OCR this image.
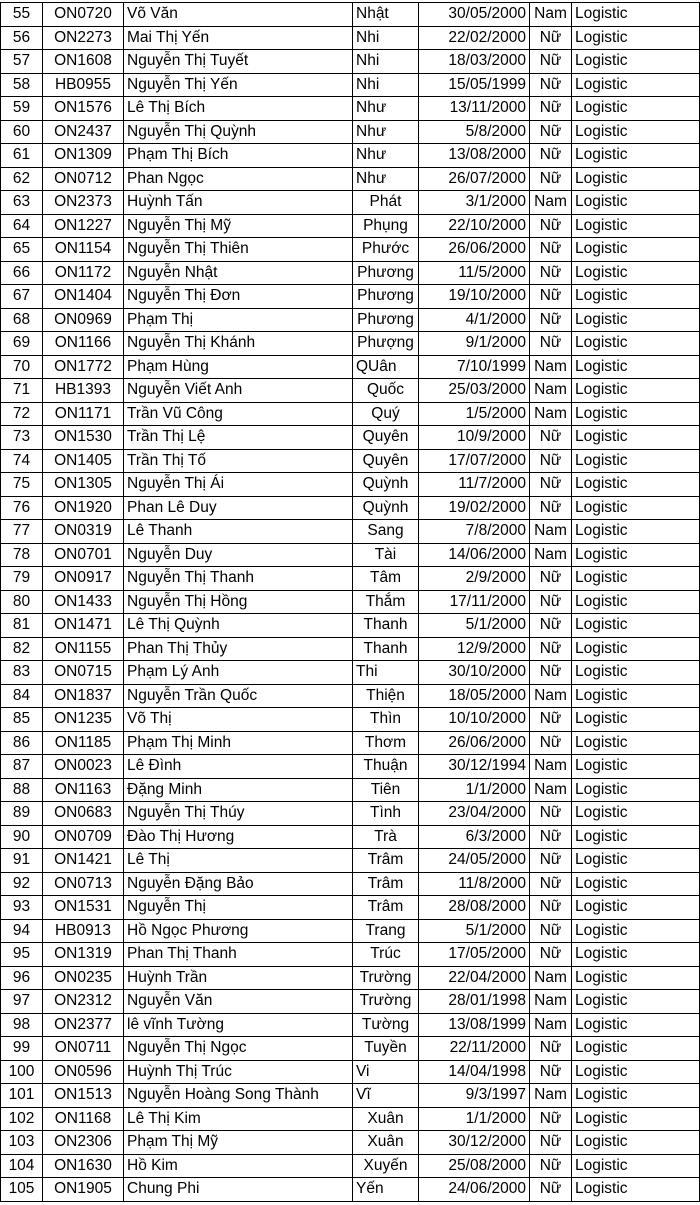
55	ON0720	Võ Văn	Nhật	30/05/2000	Nam	Logistic
56	ON2273	Mai Thị Yến	Nhi	22/02/2000	Nữ	Logistic
57	ON1608	Nguyễn Thị Tuyết	Nhi	18/03/2000	Nữ	Logistic
58	HB0955	Nguyễn Thị Yến	Nhi	15/05/1999	Nữ	Logistic
59	ON1576	Lê Thị Bích	Như	13/11/2000	Nữ	Logistic
60	ON2437	Nguyễn Thị Quỳnh	Như	5/8/2000	Nữ	Logistic
61	ON1309	Phạm Thị Bích	Như	13/08/2000	Nữ	Logistic
62	ON0712	Phan Ngọc	Như	26/07/2000	Nữ	Logistic
63	ON2373	Huỳnh Tấn	Phát	3/1/2000	Nam	Logistic
64	ON1227	Nguyễn Thị Mỹ	Phụng	22/10/2000	Nữ	Logistic
65	ON1154	Nguyễn Thị Thiên	Phước	26/06/2000	Nữ	Logistic
66	ON1172	Nguyễn Nhật	Phương	11/5/2000	Nữ	Logistic
67	ON1404	Nguyễn Thị Đơn	Phương	19/10/2000	Nữ	Logistic
68	ON0969	Phạm Thị	Phương	4/1/2000	Nữ	Logistic
69	ON1166	Nguyễn Thị Khánh	Phượng	9/1/2000	Nữ	Logistic
70	ON1772	Phạm Hùng	QUân	7/10/1999	Nam	Logistic
71	HB1393	Nguyễn Viết Anh	Quốc	25/03/2000	Nam	Logistic
72	ON1171	Trần Vũ Công	Quý	1/5/2000	Nam	Logistic
73	ON1530	Trần Thị Lệ	Quyên	10/9/2000	Nữ	Logistic
74	ON1405	Trần Thị Tố	Quyên	17/07/2000	Nữ	Logistic
75	ON1305	Nguyễn Thị Ái	Quỳnh	11/7/2000	Nữ	Logistic
76	ON1920	Phan Lê Duy	Quỳnh	19/02/2000	Nữ	Logistic
77	ON0319	Lê Thanh	Sang	7/8/2000	Nam	Logistic
78	ON0701	Nguyễn Duy	Tài	14/06/2000	Nam	Logistic
79	ON0917	Nguyễn Thị Thanh	Tâm	2/9/2000	Nữ	Logistic
80	ON1433	Nguyễn Thị Hồng	Thắm	17/11/2000	Nữ	Logistic
81	ON1471	Lê Thị Quỳnh	Thanh	5/1/2000	Nữ	Logistic
82	ON1155	Phan Thị Thủy	Thanh	12/9/2000	Nữ	Logistic
83	ON0715	Phạm Lý Anh	Thi	30/10/2000	Nữ	Logistic
84	ON1837	Nguyễn Trần Quốc	Thiện	18/05/2000	Nam	Logistic
85	ON1235	Võ Thị	Thìn	10/10/2000	Nữ	Logistic
86	ON1185	Phạm Thị Minh	Thơm	26/06/2000	Nữ	Logistic
87	ON0023	Lê Đình	Thuận	30/12/1994	Nam	Logistic
88	ON1163	Đặng Minh	Tiên	1/1/2000	Nam	Logistic
89	ON0683	Nguyễn Thị Thúy	Tình	23/04/2000	Nữ	Logistic
90	ON0709	Đào Thị Hương	Trà	6/3/2000	Nữ	Logistic
91	ON1421	Lê Thị	Trâm	24/05/2000	Nữ	Logistic
92	ON0713	Nguyễn Đặng Bảo	Trâm	11/8/2000	Nữ	Logistic
93	ON1531	Nguyễn Thị	Trâm	28/08/2000	Nữ	Logistic
94	HB0913	Hồ Ngọc Phương	Trang	5/1/2000	Nữ	Logistic
95	ON1319	Phan Thị Thanh	Trúc	17/05/2000	Nữ	Logistic
96	ON0235	Huỳnh Trần	Trường	22/04/2000	Nam	Logistic
97	ON2312	Nguyễn Văn	Trường	28/01/1998	Nam	Logistic
98	ON2377	lê vĩnh Tường	Tường	13/08/1999	Nam	Logistic
99	ON0711	Nguyễn Thị Ngọc	Tuyền	22/11/2000	Nữ	Logistic
100	ON0596	Huỳnh Thị Trúc	Vi	14/04/1998	Nữ	Logistic
101	ON1513	Nguyễn Hoàng Song Thành	Vĩ	9/3/1997	Nam	Logistic
102	ON1168	Lê Thị Kim	Xuân	1/1/2000	Nữ	Logistic
103	ON2306	Phạm Thị Mỹ	Xuân	30/12/2000	Nữ	Logistic
104	ON1630	Hồ Kim	Xuyến	25/08/2000	Nữ	Logistic
105	ON1905	Chung Phi	Yến	24/06/2000	Nữ	Logistic
